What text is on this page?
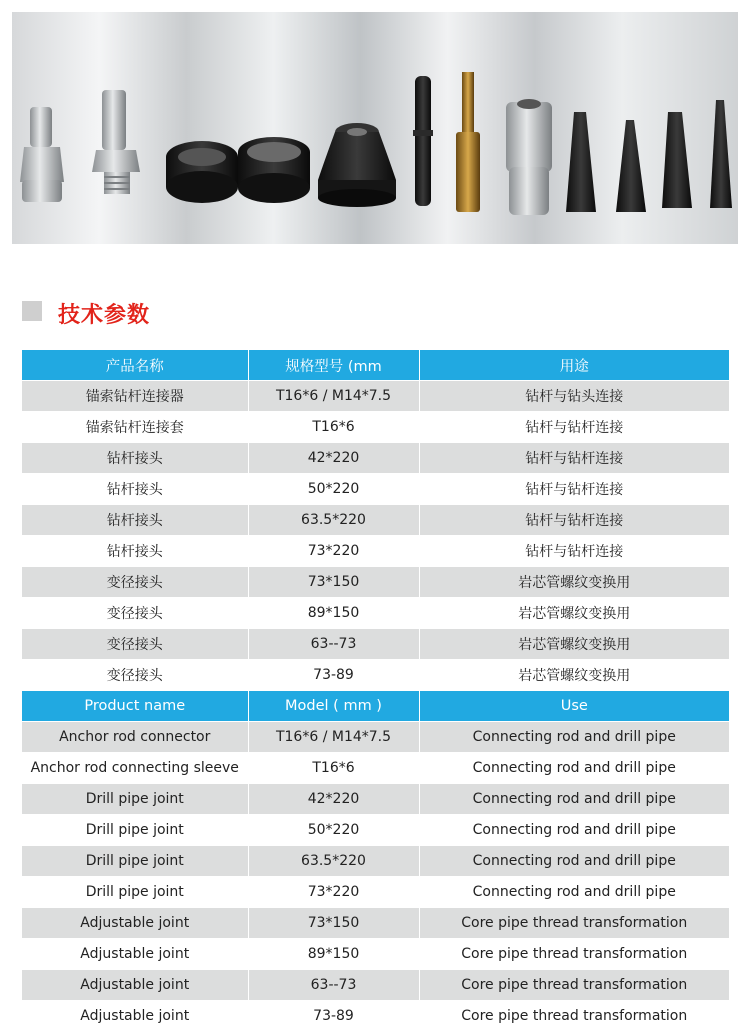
技术参数
产品名称	规格型号 (mm	用途
锚索钻杆连接器	T16*6 / M14*7.5	钻杆与钻头连接
锚索钻杆连接套	T16*6	钻杆与钻杆连接
钻杆接头	42*220	钻杆与钻杆连接
钻杆接头	50*220	钻杆与钻杆连接
钻杆接头	63.5*220	钻杆与钻杆连接
钻杆接头	73*220	钻杆与钻杆连接
变径接头	73*150	岩芯管螺纹变换用
变径接头	89*150	岩芯管螺纹变换用
变径接头	63--73	岩芯管螺纹变换用
变径接头	73-89	岩芯管螺纹变换用
Product name	Model ( mm )	Use
Anchor rod connector	T16*6 / M14*7.5	Connecting rod and drill pipe
Anchor rod connecting sleeve	T16*6	Connecting rod and drill pipe
Drill pipe joint	42*220	Connecting rod and drill pipe
Drill pipe joint	50*220	Connecting rod and drill pipe
Drill pipe joint	63.5*220	Connecting rod and drill pipe
Drill pipe joint	73*220	Connecting rod and drill pipe
Adjustable joint	73*150	Core pipe thread transformation
Adjustable joint	89*150	Core pipe thread transformation
Adjustable joint	63--73	Core pipe thread transformation
Adjustable joint	73-89	Core pipe thread transformation
